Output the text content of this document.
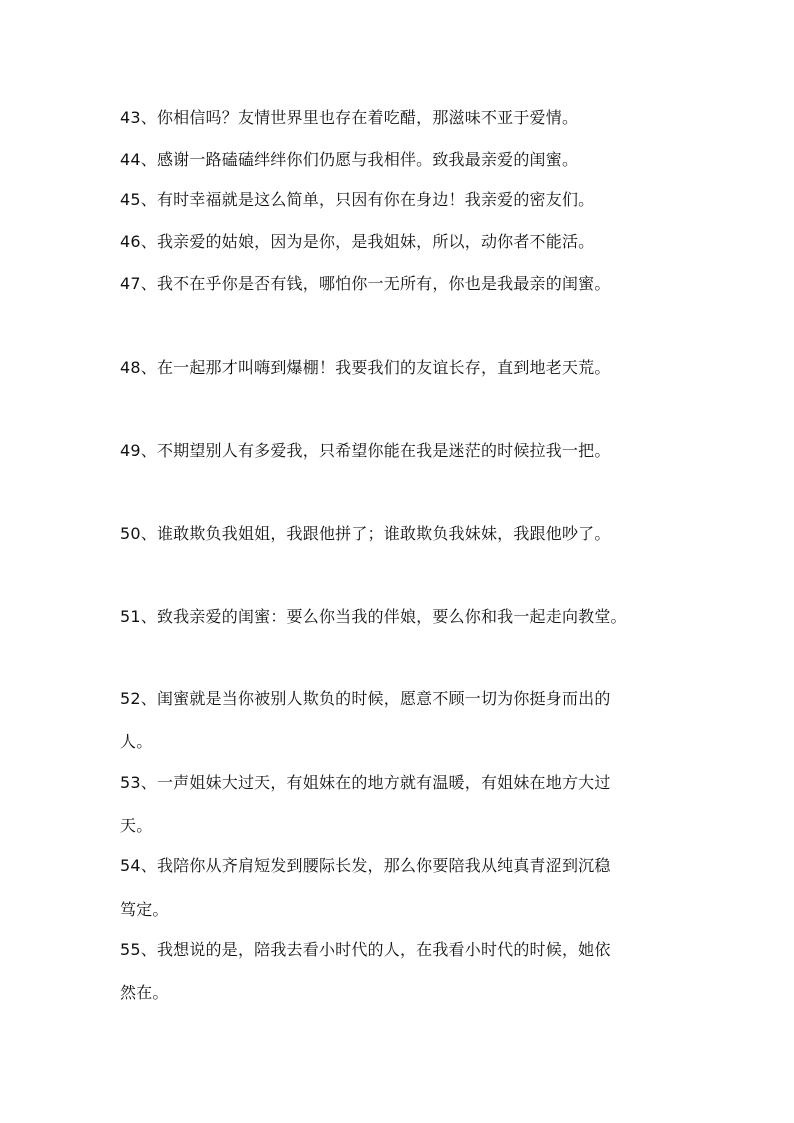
43、你相信吗？友情世界里也存在着吃醋，那滋味不亚于爱情。
44、感谢一路磕磕绊绊你们仍愿与我相伴。致我最亲爱的闺蜜。
45、有时幸福就是这么简单，只因有你在身边！我亲爱的密友们。
46、我亲爱的姑娘，因为是你，是我姐妹，所以，动你者不能活。
47、我不在乎你是否有钱，哪怕你一无所有，你也是我最亲的闺蜜。
48、在一起那才叫嗨到爆棚！我要我们的友谊长存，直到地老天荒。
49、不期望别人有多爱我，只希望你能在我是迷茫的时候拉我一把。
50、谁敢欺负我姐姐，我跟他拼了；谁敢欺负我妹妹，我跟他吵了。
51、致我亲爱的闺蜜：要么你当我的伴娘，要么你和我一起走向教堂。
52、闺蜜就是当你被别人欺负的时候，愿意不顾一切为你挺身而出的
人。
53、一声姐妹大过天，有姐妹在的地方就有温暖，有姐妹在地方大过
天。
54、我陪你从齐肩短发到腰际长发，那么你要陪我从纯真青涩到沉稳
笃定。
55、我想说的是，陪我去看小时代的人，在我看小时代的时候，她依
然在。
